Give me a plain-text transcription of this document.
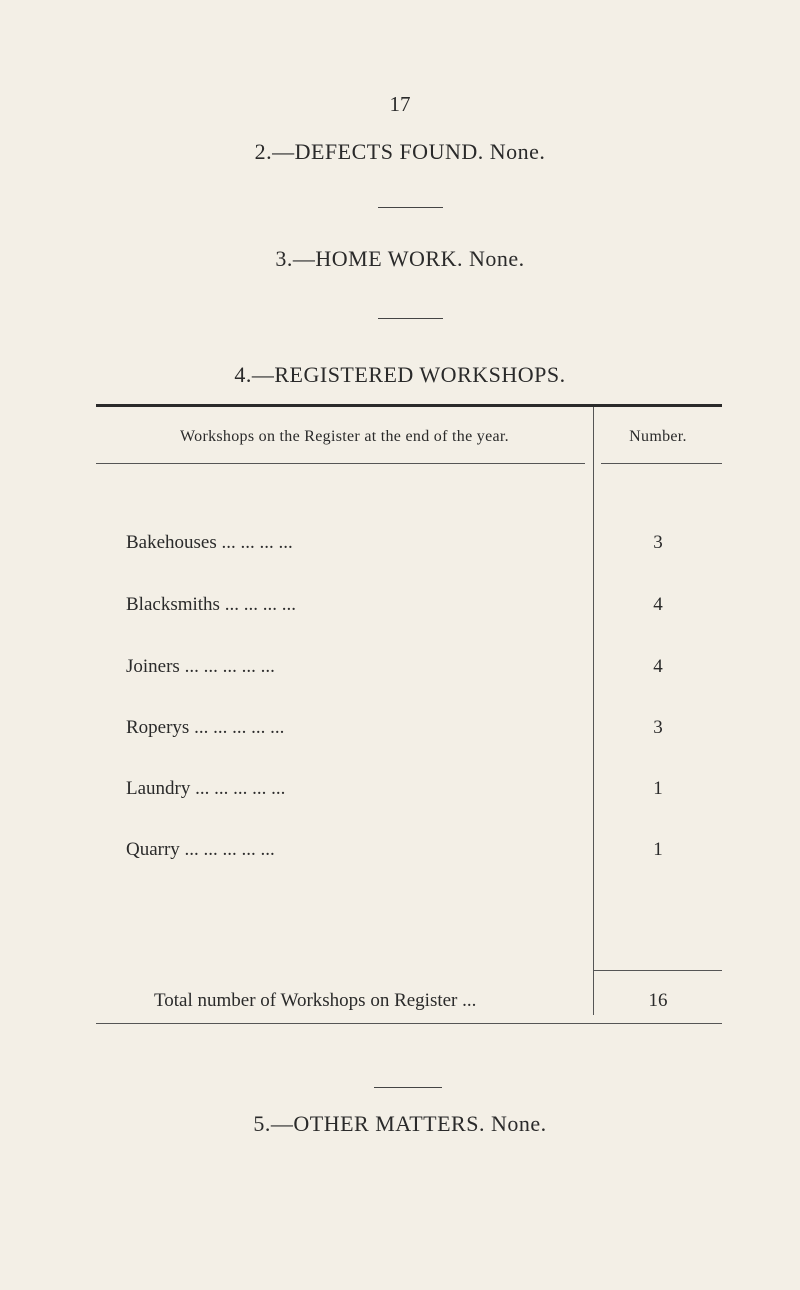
17
2.—DEFECTS FOUND. None.
3.—HOME WORK. None.
4.—REGISTERED WORKSHOPS.
Workshops on the Register at the end of the year.	Number.
Bakehouses ... ... ... ...	3
Blacksmiths ... ... ... ...	4
Joiners ... ... ... ... ...	4
Roperys ... ... ... ... ...	3
Laundry ... ... ... ... ...	1
Quarry ... ... ... ... ...	1
Total number of Workshops on Register ...	16
5.—OTHER MATTERS. None.
